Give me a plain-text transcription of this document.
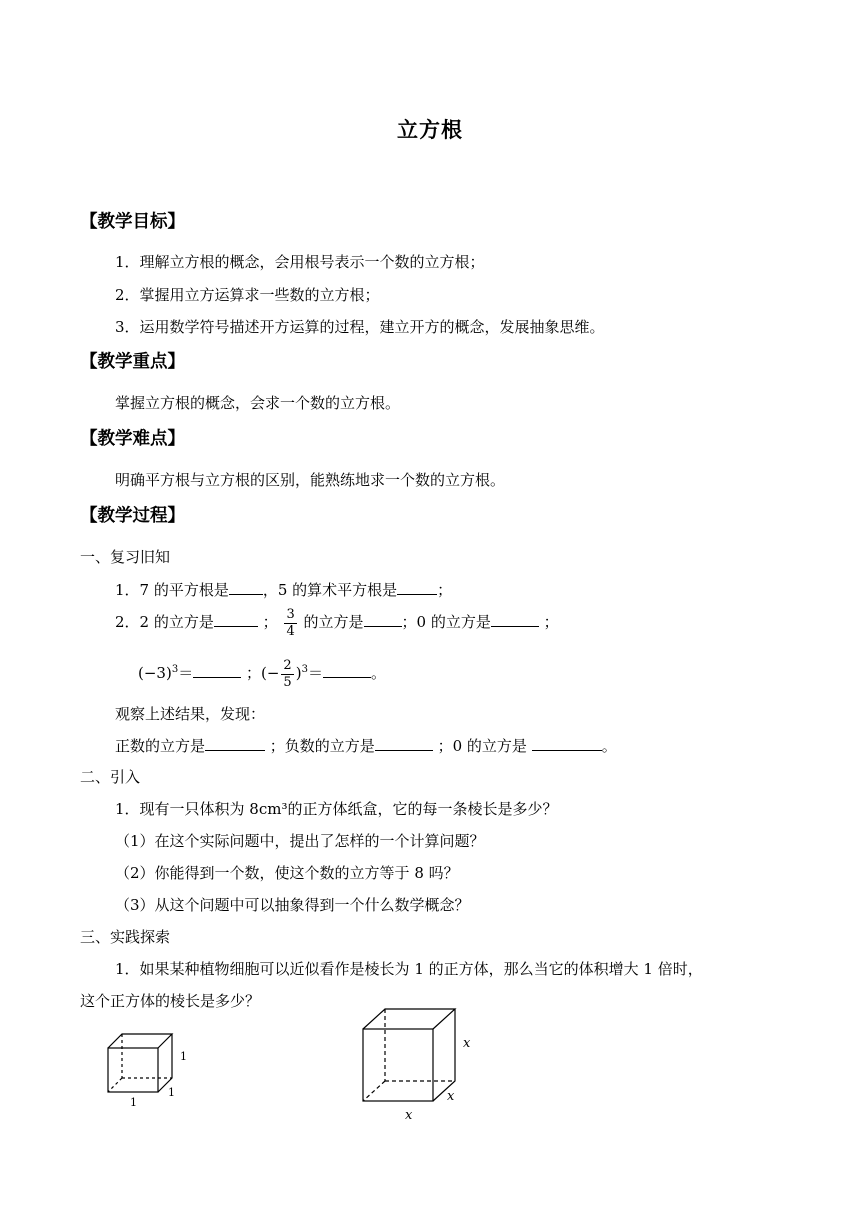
立方根
【教学目标】
1．理解立方根的概念，会用根号表示一个数的立方根；
2．掌握用立方运算求一些数的立方根；
3．运用数学符号描述开方运算的过程，建立开方的概念，发展抽象思维。
【教学重点】
掌握立方根的概念，会求一个数的立方根。
【教学难点】
明确平方根与立方根的区别，能熟练地求一个数的立方根。
【教学过程】
一、复习旧知
1．7 的平方根是 ，5 的算术平方根是	；
2．2 的立方是	； $\frac{3}{4}$ 的立方是	；0 的立方是	；
$(-3)^3=$	；(− $\frac{2}{5} )^3=$	。
观察上述结果，发现：
正数的立方是	；负数的立方是	；0 的立方是	。
二、引入
1．现有一只体积为 8cm³的正方体纸盒，它的每一条棱长是多少？
（1）在这个实际问题中，提出了怎样的一个计算问题？
（2）你能得到一个数，使这个数的立方等于 8 吗？
（3）从这个问题中可以抽象得到一个什么数学概念？
三、实践探索
1．如果某种植物细胞可以近似看作是棱长为 1 的正方体，那么当它的体积增大 1 倍时，
这个正方体的棱长是多少？
1
1
1
x
x
x
